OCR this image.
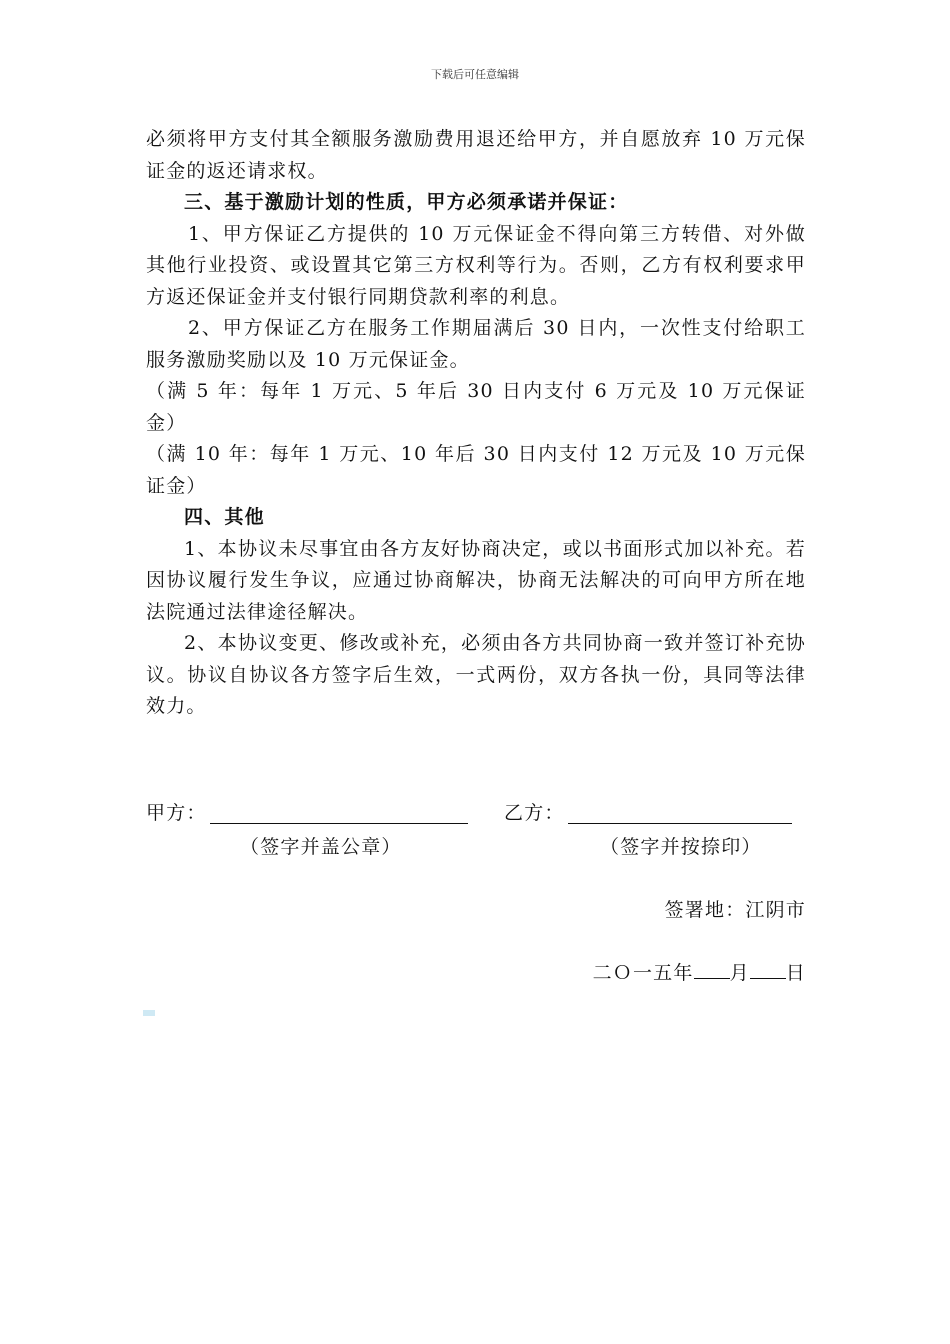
下载后可任意编辑

必须将甲方支付其全额服务激励费用退还给甲方，并自愿放弃 10 万元保证金的返还请求权。

三、基于激励计划的性质，甲方必须承诺并保证：

1、甲方保证乙方提供的 10 万元保证金不得向第三方转借、对外做其他行业投资、或设置其它第三方权利等行为。否则，乙方有权利要求甲方返还保证金并支付银行同期贷款利率的利息。

2、甲方保证乙方在服务工作期届满后 30 日内，一次性支付给职工服务激励奖励以及 10 万元保证金。

（满 5 年：每年 1 万元、5 年后 30 日内支付 6 万元及 10 万元保证金）

（满 10 年：每年 1 万元、10 年后 30 日内支付 12 万元及 10 万元保证金）

四、其他

1、本协议未尽事宜由各方友好协商决定，或以书面形式加以补充。若因协议履行发生争议，应通过协商解决，协商无法解决的可向甲方所在地法院通过法律途径解决。

2、本协议变更、修改或补充，必须由各方共同协商一致并签订补充协议。协议自协议各方签字后生效，一式两份，双方各执一份，具同等法律效力。

甲方：	乙方：
（签字并盖公章）	（签字并按捺印）
签署地：江阴市
二Ｏ一五年 月 日
